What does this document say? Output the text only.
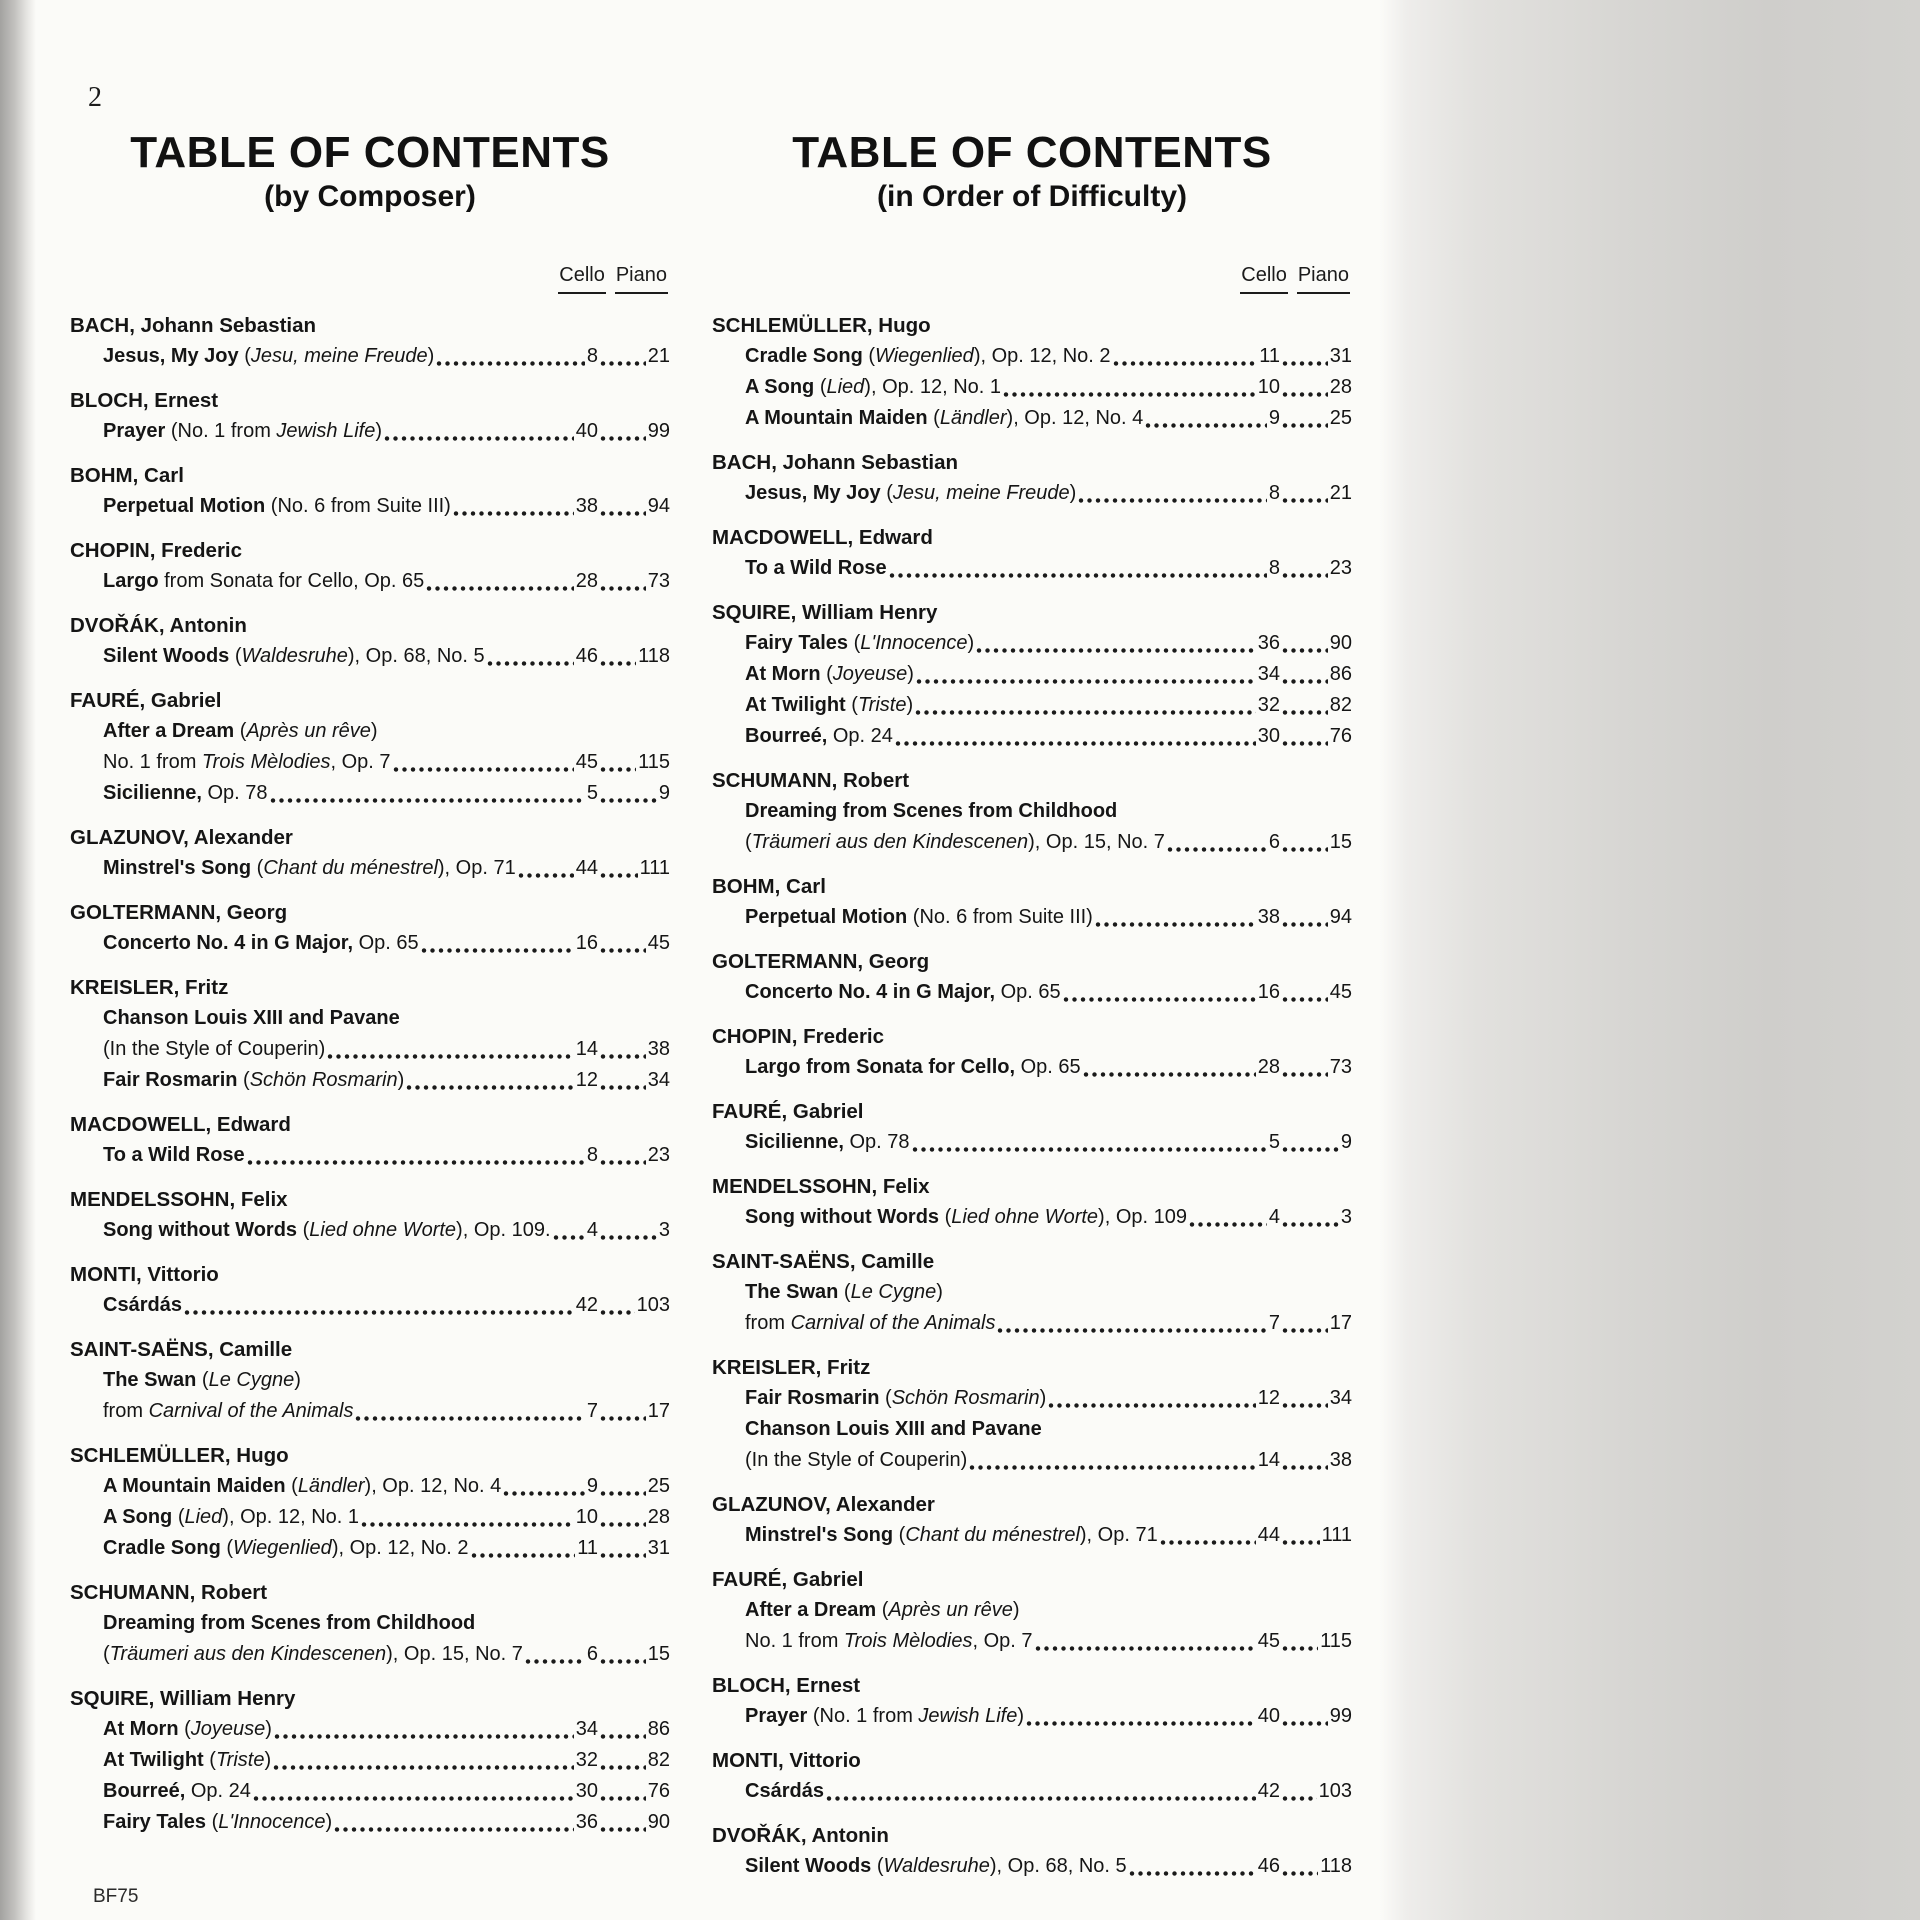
2
TABLE OF CONTENTS
(by Composer)
Cello Piano
BACH, Johann Sebastian
Jesus, My Joy (Jesu, meine Freude)	8 21
BLOCH, Ernest
Prayer (No. 1 from Jewish Life)	40 99
BOHM, Carl
Perpetual Motion (No. 6 from Suite III)	38 94
CHOPIN, Frederic
Largo from Sonata for Cello, Op. 65	28 73
DVOŘÁK, Antonin
Silent Woods (Waldesruhe), Op. 68, No. 5	46 118
FAURÉ, Gabriel
After a Dream (Après un rêve)
No. 1 from Trois Mèlodies, Op. 7	45 115
Sicilienne, Op. 78	5	9
GLAZUNOV, Alexander
Minstrel's Song (Chant du ménestrel), Op. 71	44 111
GOLTERMANN, Georg
Concerto No. 4 in G Major, Op. 65	16 45
KREISLER, Fritz
Chanson Louis XIII and Pavane
(In the Style of Couperin)	14 38
Fair Rosmarin (Schön Rosmarin)	12 34
MACDOWELL, Edward
To a Wild Rose	8 23
MENDELSSOHN, Felix
Song without Words (Lied ohne Worte), Op. 109. 4	3
MONTI, Vittorio
Csárdás	42 103
SAINT-SAËNS, Camille
The Swan (Le Cygne)
from Carnival of the Animals	7 17
SCHLEMÜLLER, Hugo
A Mountain Maiden (Ländler), Op. 12, No. 4	9 25
A Song (Lied), Op. 12, No. 1	10 28
Cradle Song (Wiegenlied), Op. 12, No. 2	11 31
SCHUMANN, Robert
Dreaming from Scenes from Childhood
(Träumeri aus den Kindescenen), Op. 15, No. 7	6 15
SQUIRE, William Henry
At Morn (Joyeuse)	34 86
At Twilight (Triste)	32 82
Bourreé, Op. 24	30 76
Fairy Tales (L'Innocence)	36 90
TABLE OF CONTENTS
(in Order of Difficulty)
Cello Piano
SCHLEMÜLLER, Hugo
Cradle Song (Wiegenlied), Op. 12, No. 2	11 31
A Song (Lied), Op. 12, No. 1	10 28
A Mountain Maiden (Ländler), Op. 12, No. 4	9 25
BACH, Johann Sebastian
Jesus, My Joy (Jesu, meine Freude)	8 21
MACDOWELL, Edward
To a Wild Rose	8 23
SQUIRE, William Henry
Fairy Tales (L'Innocence)	36 90
At Morn (Joyeuse)	34 86
At Twilight (Triste)	32 82
Bourreé, Op. 24	30 76
SCHUMANN, Robert
Dreaming from Scenes from Childhood
(Träumeri aus den Kindescenen), Op. 15, No. 7	6 15
BOHM, Carl
Perpetual Motion (No. 6 from Suite III)	38 94
GOLTERMANN, Georg
Concerto No. 4 in G Major, Op. 65	16 45
CHOPIN, Frederic
Largo from Sonata for Cello, Op. 65	28 73
FAURÉ, Gabriel
Sicilienne, Op. 78	5	9
MENDELSSOHN, Felix
Song without Words (Lied ohne Worte), Op. 109	4	3
SAINT-SAËNS, Camille
The Swan (Le Cygne)
from Carnival of the Animals	7 17
KREISLER, Fritz
Fair Rosmarin (Schön Rosmarin)	12 34
Chanson Louis XIII and Pavane
(In the Style of Couperin)	14 38
GLAZUNOV, Alexander
Minstrel's Song (Chant du ménestrel), Op. 71	44 111
FAURÉ, Gabriel
After a Dream (Après un rêve)
No. 1 from Trois Mèlodies, Op. 7	45 115
BLOCH, Ernest
Prayer (No. 1 from Jewish Life)	40 99
MONTI, Vittorio
Csárdás	42 103
DVOŘÁK, Antonin
Silent Woods (Waldesruhe), Op. 68, No. 5	46 118
BF75
